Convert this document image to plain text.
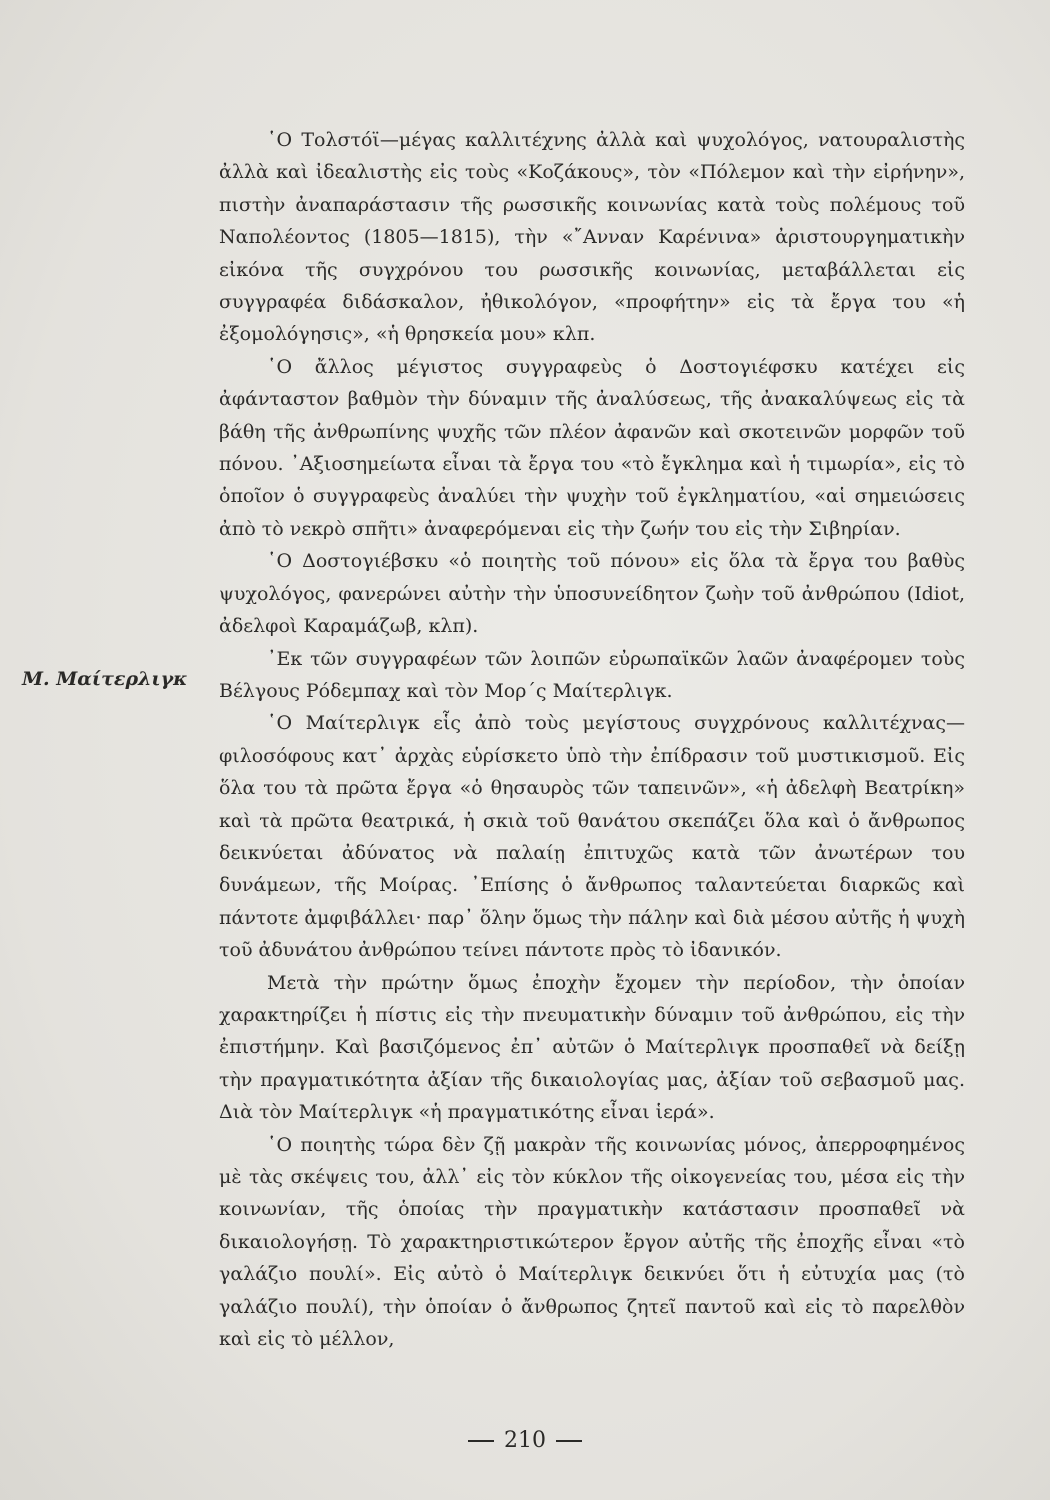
Μ. Μαίτερλιγκ

῾Ο Τολστόϊ—μέγας καλλιτέχνης ἀλλὰ καὶ ψυχολόγος, νατουραλιστὴς ἀλλὰ καὶ ἰδεαλιστὴς εἰς τοὺς «Κοζάκους», τὸν «Πόλεμον καὶ τὴν εἰρήνην», πιστὴν ἀναπαράστασιν τῆς ρωσσικῆς κοινωνίας κατὰ τοὺς πολέμους τοῦ Ναπολέοντος (1805—1815), τὴν «῎Ανναν Καρένινα» ἀριστουργηματικὴν εἰκόνα τῆς συγχρόνου του ρωσσικῆς κοινωνίας, μεταβάλλεται εἰς συγγραφέα διδάσκαλον, ἠθικολόγον, «προφήτην» εἰς τὰ ἔργα του «ἡ ἐξομολόγησις», «ἡ θρησκεία μου» κλπ.

῾Ο ἄλλος μέγιστος συγγραφεὺς ὁ Δοστογιέφσκυ κατέχει εἰς ἀφάνταστον βαθμὸν τὴν δύναμιν τῆς ἀναλύσεως, τῆς ἀνακαλύψεως εἰς τὰ βάθη τῆς ἀνθρωπίνης ψυχῆς τῶν πλέον ἀφανῶν καὶ σκοτεινῶν μορφῶν τοῦ πόνου. ᾿Αξιοσημείωτα εἶναι τὰ ἔργα του «τὸ ἔγκλημα καὶ ἡ τιμωρία», εἰς τὸ ὁποῖον ὁ συγγραφεὺς ἀναλύει τὴν ψυχὴν τοῦ ἐγκληματίου, «αἱ σημειώσεις ἀπὸ τὸ νεκρὸ σπῆτι» ἀναφερόμεναι εἰς τὴν ζωήν του εἰς τὴν Σιβηρίαν.

῾Ο Δοστογιέβσκυ «ὁ ποιητὴς τοῦ πόνου» εἰς ὅλα τὰ ἔργα του βαθὺς ψυχολόγος, φανερώνει αὐτὴν τὴν ὑποσυνείδητον ζωὴν τοῦ ἀνθρώπου (Idiot, ἀδελφοὶ Καραμάζωβ, κλπ).

᾿Εκ τῶν συγγραφέων τῶν λοιπῶν εὐρωπαϊκῶν λαῶν ἀναφέρομεν τοὺς Βέλγους Ρόδεμπαχ καὶ τὸν Μορ΄ς Μαίτερλιγκ.

῾Ο Μαίτερλιγκ εἷς ἀπὸ τοὺς μεγίστους συγχρόνους καλλιτέχνας—φιλοσόφους κατ᾿ ἀρχὰς εὑρίσκετο ὑπὸ τὴν ἐπίδρασιν τοῦ μυστικισμοῦ. Εἰς ὅλα του τὰ πρῶτα ἔργα «ὁ θησαυρὸς τῶν ταπεινῶν», «ἡ ἀδελφὴ Βεατρίκη» καὶ τὰ πρῶτα θεατρικά, ἡ σκιὰ τοῦ θανάτου σκεπάζει ὅλα καὶ ὁ ἄνθρωπος δεικνύεται ἀδύνατος νὰ παλαίῃ ἐπιτυχῶς κατὰ τῶν ἀνωτέρων του δυνάμεων, τῆς Μοίρας. ᾿Επίσης ὁ ἄνθρωπος ταλαντεύεται διαρκῶς καὶ πάντοτε ἀμφιβάλλει· παρ᾿ ὅλην ὅμως τὴν πάλην καὶ διὰ μέσου αὐτῆς ἡ ψυχὴ τοῦ ἀδυνάτου ἀνθρώπου τείνει πάντοτε πρὸς τὸ ἰδανικόν.

Μετὰ τὴν πρώτην ὅμως ἐποχὴν ἔχομεν τὴν περίοδον, τὴν ὁποίαν χαρακτηρίζει ἡ πίστις εἰς τὴν πνευματικὴν δύναμιν τοῦ ἀνθρώπου, εἰς τὴν ἐπιστήμην. Καὶ βασιζόμενος ἐπ᾿ αὐτῶν ὁ Μαίτερλιγκ προσπαθεῖ νὰ δείξῃ τὴν πραγματικότητα ἀξίαν τῆς δικαιολογίας μας, ἀξίαν τοῦ σεβασμοῦ μας. Διὰ τὸν Μαίτερλιγκ «ἡ πραγματικότης εἶναι ἱερά».

῾Ο ποιητὴς τώρα δὲν ζῇ μακρὰν τῆς κοινωνίας μόνος, ἀπερροφημένος μὲ τὰς σκέψεις του, ἀλλ᾿ εἰς τὸν κύκλον τῆς οἰκογενείας του, μέσα εἰς τὴν κοινωνίαν, τῆς ὁποίας τὴν πραγματικὴν κατάστασιν προσπαθεῖ νὰ δικαιολογήσῃ. Τὸ χαρακτηριστικώτερον ἔργον αὐτῆς τῆς ἐποχῆς εἶναι «τὸ γαλάζιο πουλί». Εἰς αὐτὸ ὁ Μαίτερλιγκ δεικνύει ὅτι ἡ εὐτυχία μας (τὸ γαλάζιο πουλί), τὴν ὁποίαν ὁ ἄνθρωπος ζητεῖ παντοῦ καὶ εἰς τὸ παρελθὸν καὶ εἰς τὸ μέλλον,

210
